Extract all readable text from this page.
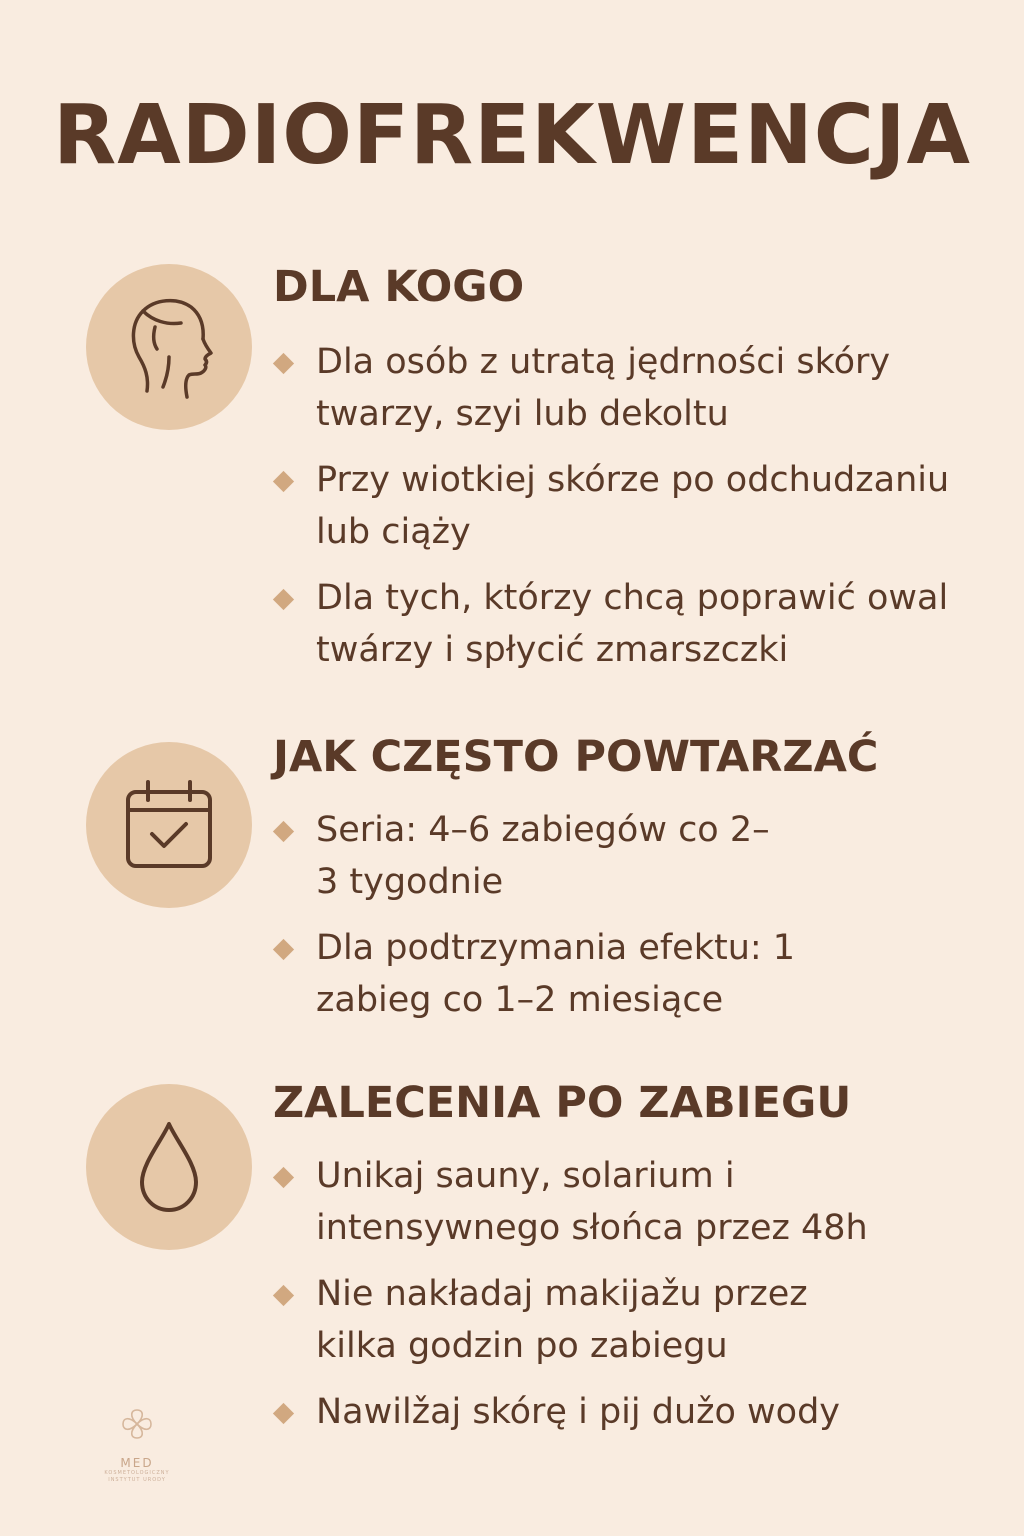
RADIOFREKWENCJA
DLA KOGO
Dla osób z utratą jędrności skóry twarzy, szyi lub dekoltu
Przy wiotkiej skórze po odchudzaniu lub ciąży
Dla tych, którzy chcą poprawić owal twárzy i spłycić zmarszczki
JAK CZĘSTO POWTARZAĆ
Seria: 4–6 zabiegów co 2–3 tygodnie
Dla podtrzymania efektu: 1 zabieg co 1–2 miesiące
ZALECENIA PO ZABIEGU
Unikaj sauny, solarium i intensywnego słońca przez 48h
Nie nakładaj makijažu przez kilka godzin po zabiegu
Nawilžaj skórę i pij dužo wody
MED
KOSMETOLOGICZNY
INSTYTUT URODY
